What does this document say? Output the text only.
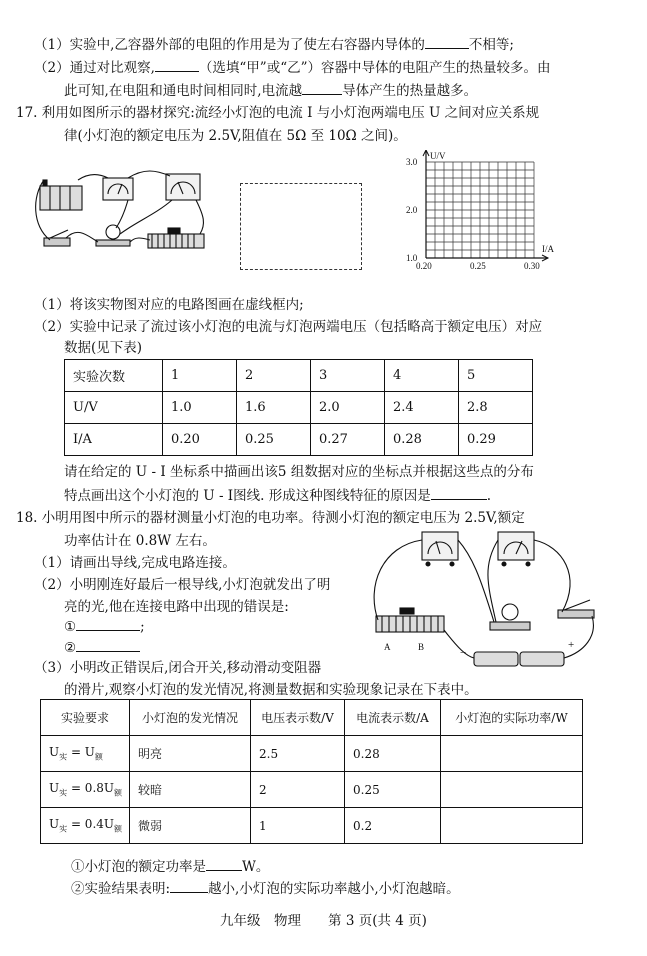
（1）实验中,乙容器外部的电阻的作用是为了使左右容器内导体的	不相等;
（2）通过对比观察,	（选填“甲”或“乙”）容器中导体的电阻产生的热量较多。由
此可知,在电阻和通电时间相同时,电流越	导体产生的热量越多。
17. 利用如图所示的器材探究:流经小灯泡的电流 I 与小灯泡两端电压 U 之间对应关系规
律(小灯泡的额定电压为 2.5V,阻值在 5Ω 至 10Ω 之间)。
U/V
I/A
3.0
2.0
1.0
0.20	0.25	0.30
（1）将该实物图对应的电路图画在虚线框内;
（2）实验中记录了流过该小灯泡的电流与灯泡两端电压（包括略高于额定电压）对应
数据(见下表)
实验次数	1	2	3	4	5
U/V	1.0	1.6	2.0	2.4	2.8
I/A	0.20	0.25	0.27	0.28	0.29
请在给定的 U - I 坐标系中描画出该5 组数据对应的坐标点并根据这些点的分布
特点画出这个小灯泡的 U - I图线. 形成这种图线特征的原因是	.
18. 小明用图中所示的器材测量小灯泡的电功率。待测小灯泡的额定电压为 2.5V,额定
功率估计在 0.8W 左右。
（1）请画出导线,完成电路连接。
（2）小明刚连好最后一根导线,小灯泡就发出了明
亮的光,他在连接电路中出现的错误是:
①	;
②
（3）小明改正错误后,闭合开关,移动滑动变阻器
的滑片,观察小灯泡的发光情况,将测量数据和实验现象记录在下表中。
A	B	−
+
实验要求	小灯泡的发光情况	电压表示数/V	电流表示数/A	小灯泡的实际功率/W
$U_实 = U_额$	明亮	2.5	0.28	
$U_实 = 0.8U_额$	较暗	2	0.25	
$U_实 = 0.4U_额$	微弱	1	0.2	
①小灯泡的额定功率是	W。
②实验结果表明:	越小,小灯泡的实际功率越小,小灯泡越暗。
九年级　物理　　第 3 页(共 4 页)
